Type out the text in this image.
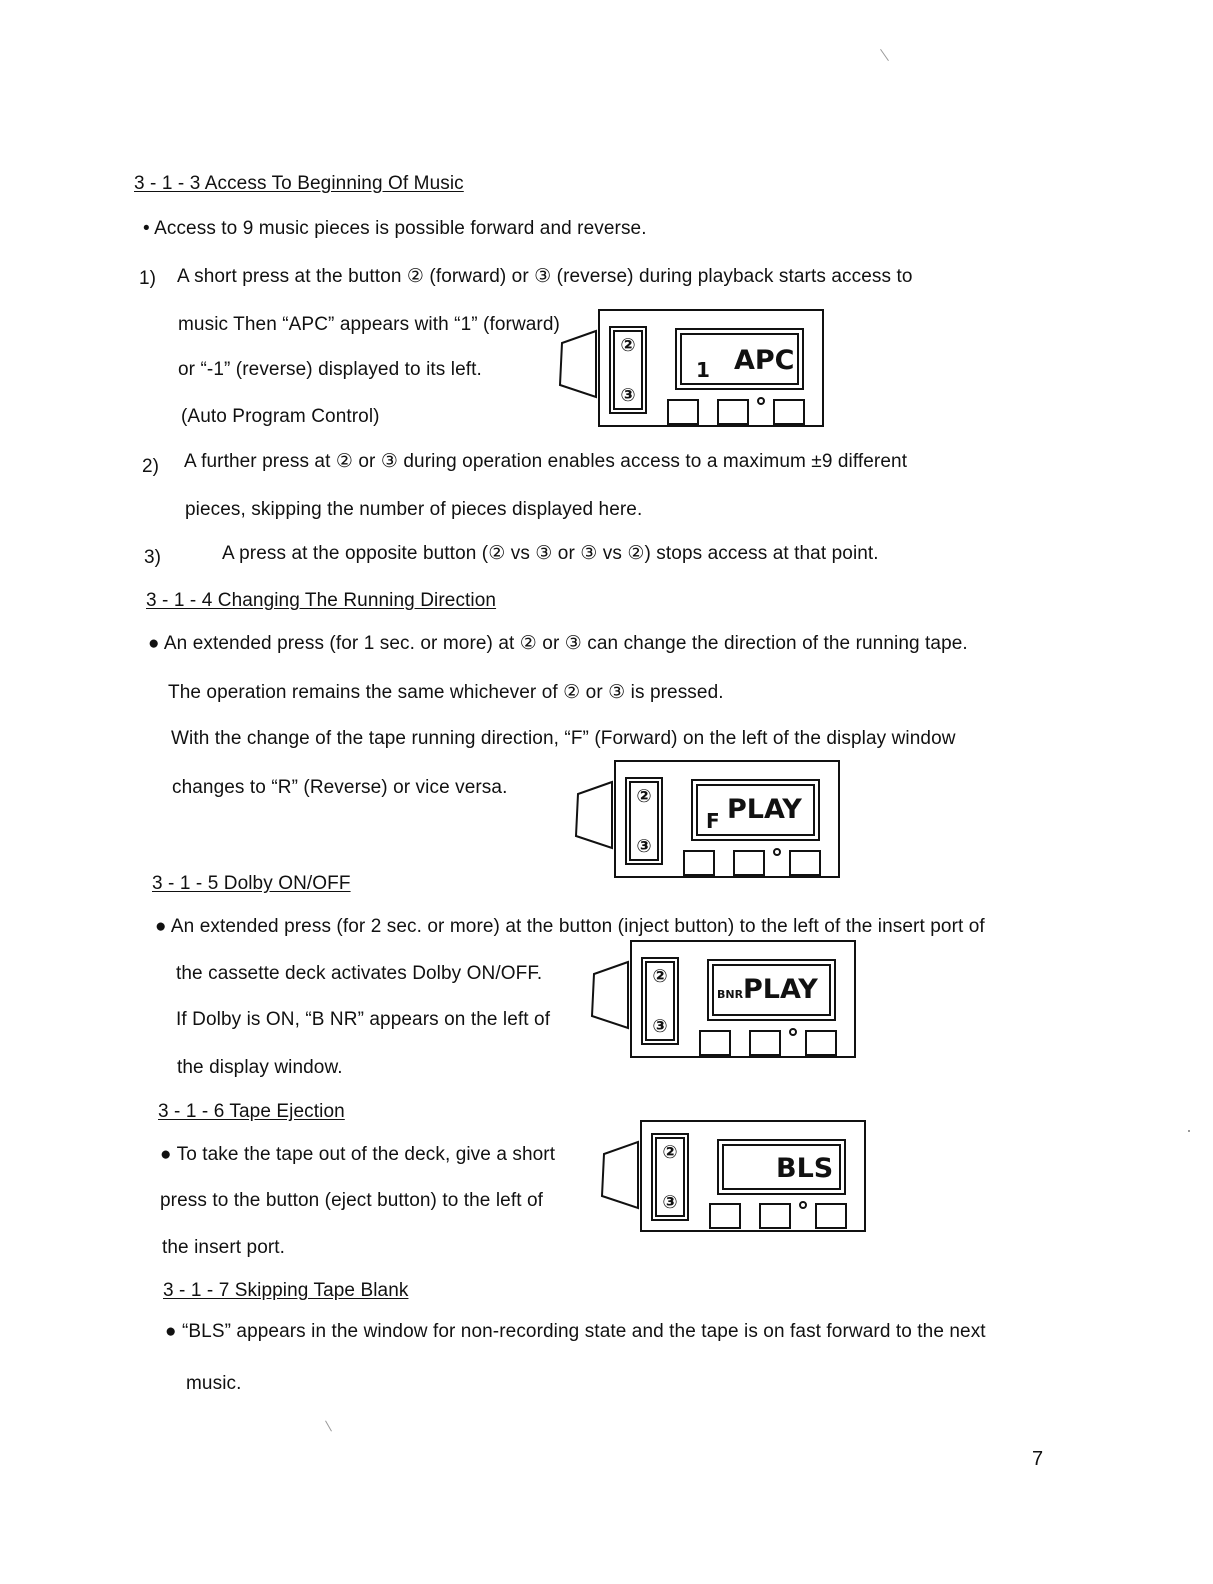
3 - 1 - 3 Access To Beginning Of Music
• Access to 9 music pieces is possible forward and reverse.
1) A short press at the button ② (forward) or ③ (reverse) during playback starts access to
music Then “APC” appears with “1” (forward)
or “-1” (reverse) displayed to its left.
(Auto Program Control)
2) A further press at ② or ③ during operation enables access to a maximum ±9 different
pieces, skipping the number of pieces displayed here.
3)	A press at the opposite button (② vs ③ or ③ vs ②) stops access at that point.
3 - 1 - 4 Changing The Running Direction
● An extended press (for 1 sec. or more) at ② or ③ can change the direction of the running tape.
The operation remains the same whichever of ② or ③ is pressed.
With the change of the tape running direction, “F” (Forward) on the left of the display window
changes to “R” (Reverse) or vice versa.
3 - 1 - 5 Dolby ON/OFF
● An extended press (for 2 sec. or more) at the button (inject button) to the left of the insert port of
the cassette deck activates Dolby ON/OFF.
If Dolby is ON, “B NR” appears on the left of
the display window.
3 - 1 - 6 Tape Ejection
● To take the tape out of the deck, give a short
press to the button (eject button) to the left of
the insert port.
3 - 1 - 7 Skipping Tape Blank
● “BLS” appears in the window for non-recording state and the tape is on fast forward to the next
music.
7
②
③
1 APC
②
③
F PLAY
②
③
BNR PLAY
②
③
BLS
